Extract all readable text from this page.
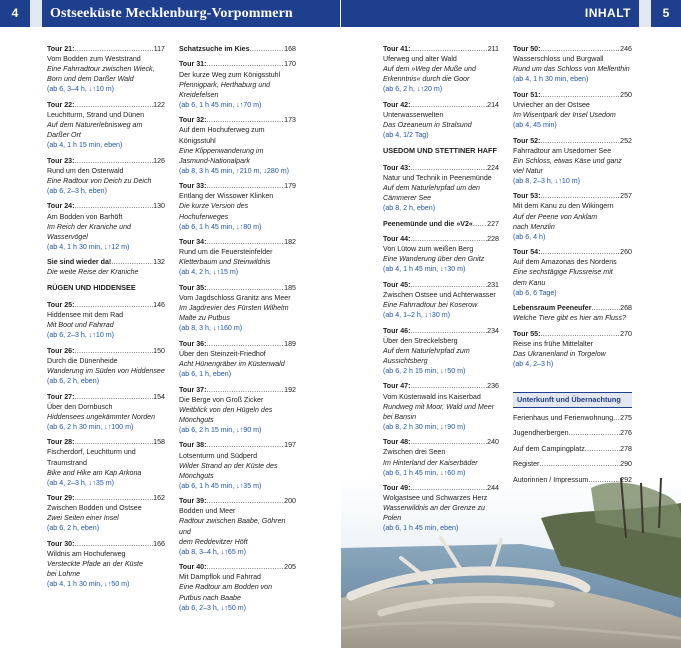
4	Ostseeküste Mecklenburg-Vorpommern	INHALT	5
Tour 21: .....	117
Vom Bodden zum Weststrand
Eine Fahrradtour zwischen Wieck,
Born und dem Darßer Wald
(ab 6, 3–4 h, ↓↑10 m)
Tour 22: .....	122
Leuchtturm, Strand und Dünen
Auf dem Naturerlebnisweg am
Darßer Ort
(ab 4, 1 h 15 min, eben)
Tour 23: .....	126
Rund um den Osterwald
Eine Radtour von Deich zu Deich
(ab 6, 2–3 h, eben)
Tour 24: .....	130
Am Bodden von Barhöft
Im Reich der Kraniche und
Wasservögel
(ab 4, 1 h 30 min, ↓↑12 m)
Sie sind wieder da! .....	132
Die weite Reise der Kraniche
RÜGEN UND HIDDENSEE
Tour 25: .....	146
Hiddensee mit dem Rad
Mit Boot und Fahrrad
(ab 6, 2–3 h, ↓↑10 m)
Tour 26: .....	150
Durch die Dünenheide
Wanderung im Süden von Hiddensee
(ab 6, 2 h, eben)
Tour 27: .....	154
Über den Dornbusch
Hiddensees ungekämmter Norden
(ab 6, 2 h 30 min, ↓↑100 m)
Tour 28: .....	158
Fischerdorf, Leuchtturm und
Traumstrand
Bike and Hike am Kap Arkona
(ab 4, 2–3 h, ↓↑35 m)
Tour 29: .....	162
Zwischen Bodden und Ostsee
Zwei Seiten einer Insel
(ab 6, 2 h, eben)
Tour 30: .....	166
Wildnis am Hochuferweg
Versteckte Pfade an der Küste
bei Lohme
(ab 4, 1 h 30 min, ↓↑50 m)
Schatzsuche im Kies .....	168
Tour 31: .....	170
Der kurze Weg zum Königsstuhl
Pfennigpark, Herthaburg und
Kreidefelsen
(ab 6, 1 h 45 min, ↓↑70 m)
Tour 32: .....	173
Auf dem Hochuferweg zum
Königsstuhl
Eine Klippenwanderung im
Jasmund-Nationalpark
(ab 8, 3 h 45 min, ↑210 m, ↓280 m)
Tour 33: .....	179
Entlang der Wissower Klinken
Die kurze Version des Hochuferweges
(ab 6, 1 h 45 min, ↓↑80 m)
Tour 34: .....	182
Rund um die Feuersteinfelder
Kletterbaum und Steinwildnis
(ab 4, 2 h, ↓↑15 m)
Tour 35: .....	185
Vom Jagdschloss Granitz ans Meer
Im Jagdrevier des Fürsten Wilhelm
Malte zu Putbus
(ab 8, 3 h, ↓↑160 m)
Tour 36: .....	189
Über den Steinzeit-Friedhof
Acht Hünengräber im Küstenwald
(ab 6, 1 h, eben)
Tour 37: .....	192
Die Berge von Groß Zicker
Weitblick von den Hügeln des
Mönchguts
(ab 6, 2 h 15 min, ↓↑90 m)
Tour 38: .....	197
Lotsenturm und Südperd
Wilder Strand an der Küste des
Mönchguts
(ab 6, 1 h 45 min, ↓↑35 m)
Tour 39: .....	200
Bodden und Meer
Radtour zwischen Baabe, Göhren und
dem Reddevitzer Höft
(ab 8, 3–4 h, ↓↑65 m)
Tour 40: .....	205
Mit Dampflok und Fahrrad
Eine Radtour am Bodden von
Putbus nach Baabe
(ab 6, 2–3 h, ↓↑50 m)
Tour 41: .....	211
Uferweg und alter Wald
Auf dem »Weg der Muße und
Erkenntnis« durch die Goor
(ab 6, 2 h, ↓↑20 m)
Tour 42: .....	214
Unterwasserwelten
Das Ozeaneum in Stralsund
(ab 4, 1/2 Tag)
USEDOM UND STETTINER HAFF
Tour 43: .....	224
Natur und Technik in Peenemünde
Auf dem Naturlehrpfad um den
Cämmerer See
(ab 8, 2 h, eben)
Peenemünde und die »V2« ..... 227
Tour 44: .....	228
Von Lütow zum weißen Berg
Eine Wanderung über den Gnitz
(ab 4, 1 h 45 min, ↓↑30 m)
Tour 45: .....	231
Zwischen Ostsee und Achterwasser
Eine Fahrradtour bei Koserow
(ab 4, 1–2 h, ↓↑30 m)
Tour 46: .....	234
Über den Streckelsberg
Auf dem Naturlehrpfad zum
Aussichtsberg
(ab 6, 2 h 15 min, ↓↑50 m)
Tour 47: .....	236
Vom Küstenwald ins Kaiserbad
Rundweg mit Moor, Wald und Meer
bei Bansin
(ab 8, 2 h 30 min, ↓↑90 m)
Tour 48: .....	240
Zwischen drei Seen
Im Hinterland der Kaiserbäder
(ab 6, 1 h 45 min, ↓↑60 m)
Tour 49: .....	244
Wolgastsee und Schwarzes Herz
Wasserwildnis an der Grenze zu Polen
(ab 6, 1 h 45 min, eben)
Tour 50: .....	246
Wasserschloss und Burgwall
Rund um das Schloss von Mellenthin
(ab 4, 1 h 30 min, eben)
Tour 51: .....	250
Urviecher an der Ostsee
Im Wisentpark der Insel Usedom
(ab 4, 45 min)
Tour 52: .....	252
Fahrradtour am Usedomer See
Ein Schloss, etwas Käse und ganz
viel Natur
(ab 8, 2–3 h, ↓↑10 m)
Tour 53: .....	257
Mit dem Kanu zu den Wikingern
Auf der Peene von Anklam
nach Menzlin
(ab 6, 4 h)
Tour 54: .....	260
Auf dem Amazonas des Nordens
Eine sechstägige Flussreise mit
dem Kanu
(ab 6, 6 Tage)
Lebensraum Peeneufer .....	268
Welche Tiere gibt es hier am Fluss?
Tour 55: .....	270
Reise ins frühe Mittelalter
Das Ukranenland in Torgelow
(ab 4, 2–3 h)
Unterkunft und Übernachtung
Ferienhaus und Ferienwohnung ..... 275
Jugendherbergen .....	276
Auf dem Campingplatz .....	278
Register .....	290
Autorinnen / Impressum .....	292
